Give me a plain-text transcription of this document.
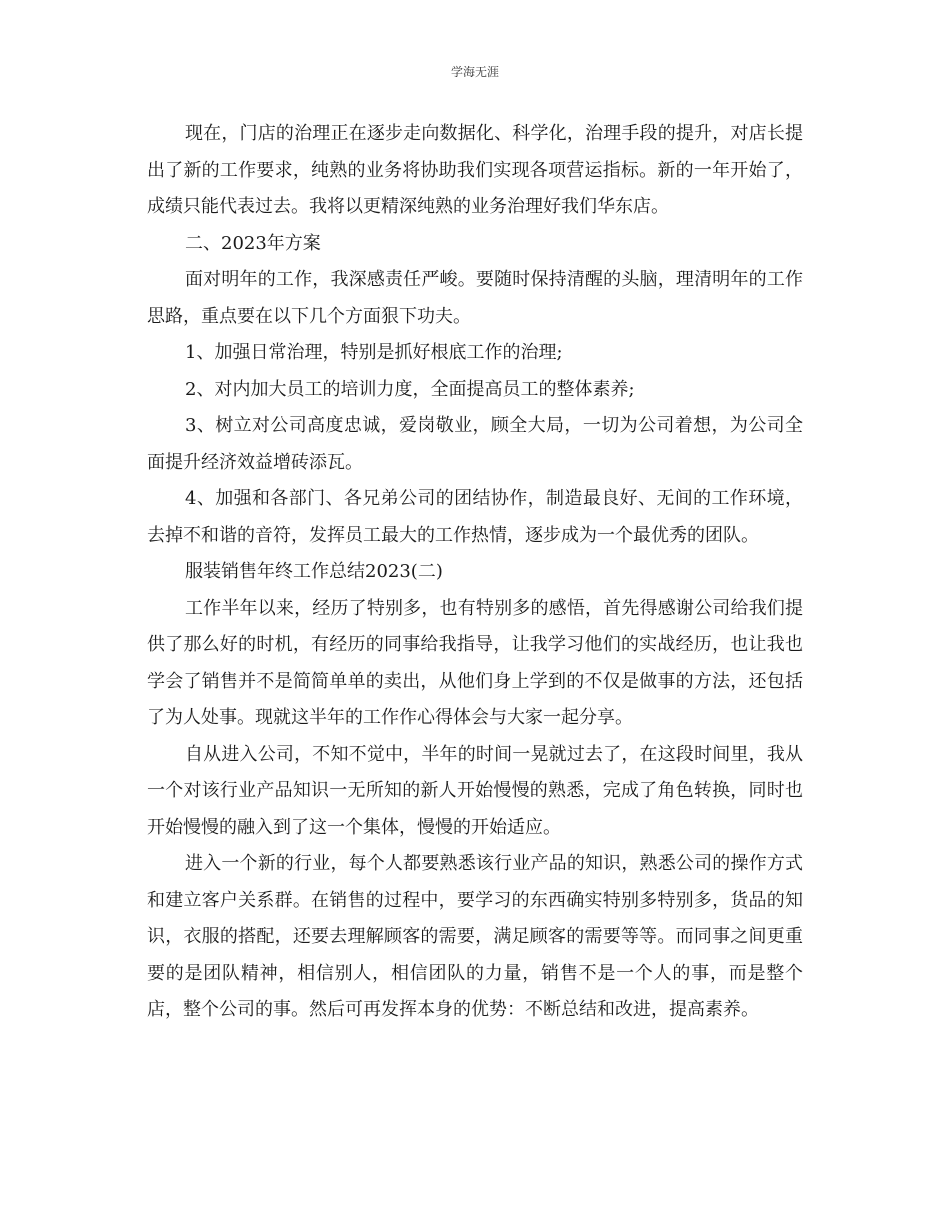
学海无涯

现在，门店的治理正在逐步走向数据化、科学化，治理手段的提升，对店长提出了新的工作要求，纯熟的业务将协助我们实现各项营运指标。新的一年开始了，成绩只能代表过去。我将以更精深纯熟的业务治理好我们华东店。

二、2023年方案

面对明年的工作，我深感责任严峻。要随时保持清醒的头脑，理清明年的工作思路，重点要在以下几个方面狠下功夫。

1、加强日常治理，特别是抓好根底工作的治理;

2、对内加大员工的培训力度，全面提高员工的整体素养;

3、树立对公司高度忠诚，爱岗敬业，顾全大局，一切为公司着想，为公司全面提升经济效益增砖添瓦。

4、加强和各部门、各兄弟公司的团结协作，制造最良好、无间的工作环境，去掉不和谐的音符，发挥员工最大的工作热情，逐步成为一个最优秀的团队。

服装销售年终工作总结2023(二)

工作半年以来，经历了特别多，也有特别多的感悟，首先得感谢公司给我们提供了那么好的时机，有经历的同事给我指导，让我学习他们的实战经历，也让我也学会了销售并不是简简单单的卖出，从他们身上学到的不仅是做事的方法，还包括了为人处事。现就这半年的工作作心得体会与大家一起分享。

自从进入公司，不知不觉中，半年的时间一晃就过去了，在这段时间里，我从一个对该行业产品知识一无所知的新人开始慢慢的熟悉，完成了角色转换，同时也开始慢慢的融入到了这一个集体，慢慢的开始适应。

进入一个新的行业，每个人都要熟悉该行业产品的知识，熟悉公司的操作方式和建立客户关系群。在销售的过程中，要学习的东西确实特别多特别多，货品的知识，衣服的搭配，还要去理解顾客的需要，满足顾客的需要等等。而同事之间更重要的是团队精神，相信别人，相信团队的力量，销售不是一个人的事，而是整个店，整个公司的事。然后可再发挥本身的优势：不断总结和改进，提高素养。
